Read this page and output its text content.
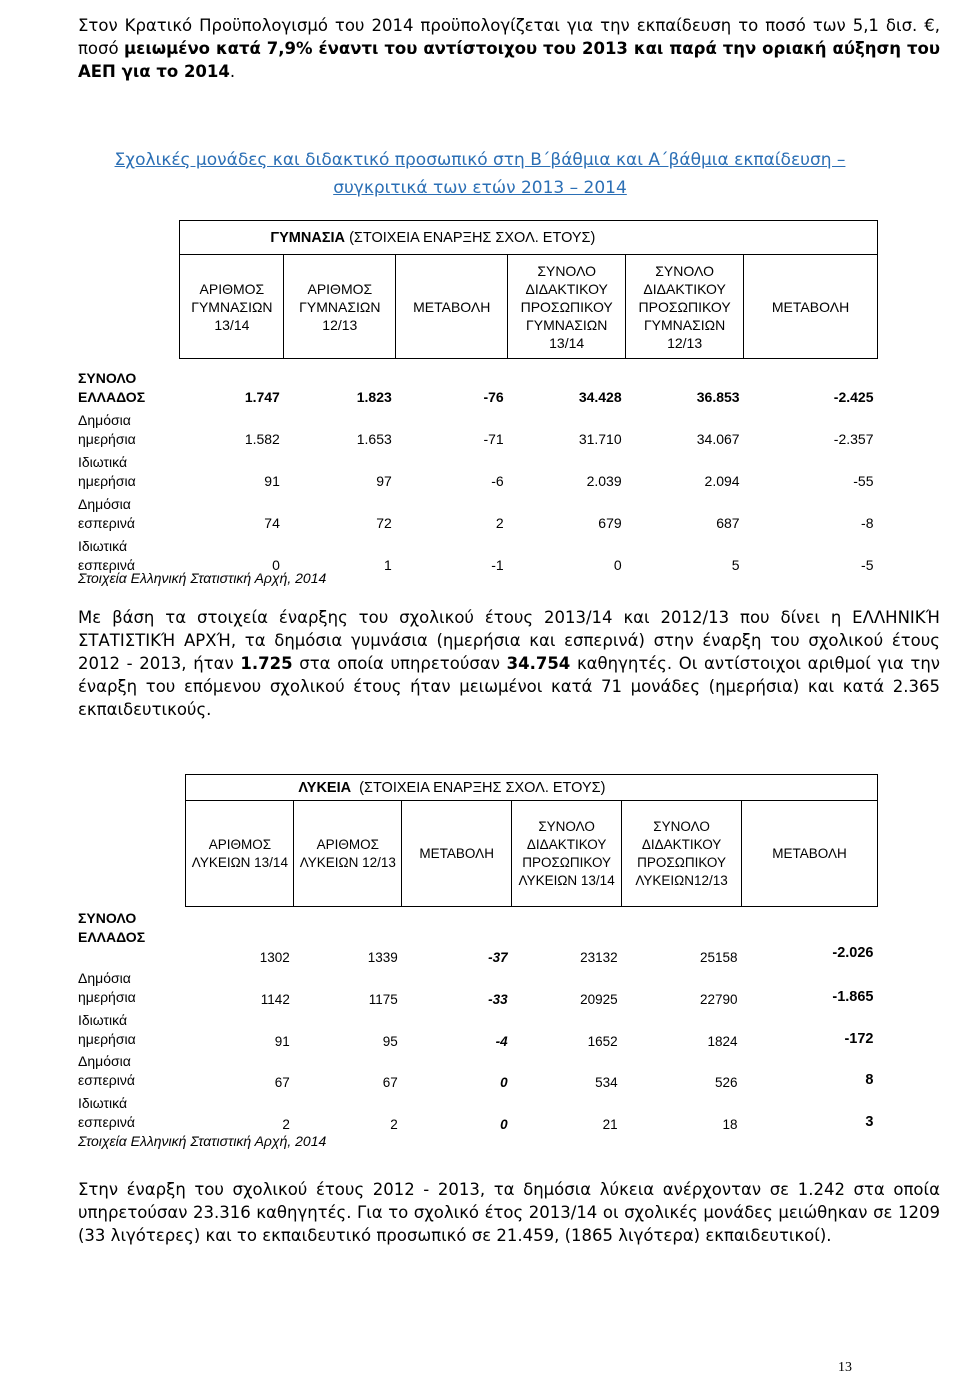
Στον Κρατικό Προϋπολογισμό του 2014 προϋπολογίζεται για την εκπαίδευση το ποσό των 5,1 δισ. €, ποσό μειωμένο κατά 7,9% έναντι του αντίστοιχου του 2013 και παρά την οριακή αύξηση του ΑΕΠ για το 2014.

Σχολικές μονάδες και διδακτικό προσωπικό στη Β΄βάθμια και Α΄βάθμια εκπαίδευση –
συγκριτικά των ετών 2013 – 2014
	ΓΥΜΝΑΣΙΑ (ΣΤΟΙΧΕΙΑ ΕΝΑΡΞΗΣ ΣΧΟΛ. ΕΤΟΥΣ)					
	ΑΡΙΘΜΟΣ ΓΥΜΝΑΣΙΩΝ 13/14	ΑΡΙΘΜΟΣ ΓΥΜΝΑΣΙΩΝ 12/13	ΜΕΤΑΒΟΛΗ	ΣΥΝΟΛΟ ΔΙΔΑΚΤΙΚΟΥ ΠΡΟΣΩΠΙΚΟΥ ΓΥΜΝΑΣΙΩΝ 13/14	ΣΥΝΟΛΟ ΔΙΔΑΚΤΙΚΟΥ ΠΡΟΣΩΠΙΚΟΥ ΓΥΜΝΑΣΙΩΝ 12/13	ΜΕΤΑΒΟΛΗ

ΣΥΝΟΛΟ
ΕΛΛΑΔΟΣ	1.747	1.823	-76	34.428	36.853	-2.425

Δημόσια
ημερήσια	1.582	1.653	-71	31.710	34.067	-2.357

Ιδιωτικά
ημερήσια	91	97	-6	2.039	2.094	-55

Δημόσια
εσπερινά	74	72	2	679	687	-8

Ιδιωτικά
εσπερινά	0	1	-1	0	5	-5
Στοιχεία Ελληνική Στατιστική Αρχή, 2014

Με βάση τα στοιχεία έναρξης του σχολικού έτους 2013/14 και 2012/13 που δίνει η ΕΛΛΗΝΙΚΉ ΣΤΑΤΙΣΤΙΚΉ ΑΡΧΉ, τα δημόσια γυμνάσια (ημερήσια και εσπερινά) στην έναρξη του σχολικού έτους 2012 - 2013, ήταν 1.725 στα οποία υπηρετούσαν 34.754 καθηγητές. Οι αντίστοιχοι αριθμοί για την έναρξη του επόμενου σχολικού έτους ήταν μειωμένοι κατά 71 μονάδες (ημερήσια) και κατά 2.365 εκπαιδευτικούς.

	ΛΥΚΕΙΑ  (ΣΤΟΙΧΕΙΑ ΕΝΑΡΞΗΣ ΣΧΟΛ. ΕΤΟΥΣ)					
	ΑΡΙΘΜΟΣ ΛΥΚΕΙΩΝ 13/14	ΑΡΙΘΜΟΣ ΛΥΚΕΙΩΝ 12/13	ΜΕΤΑΒΟΛΗ	ΣΥΝΟΛΟ ΔΙΔΑΚΤΙΚΟΥ ΠΡΟΣΩΠΙΚΟΥ ΛΥΚΕΙΩΝ 13/14	ΣΥΝΟΛΟ ΔΙΔΑΚΤΙΚΟΥ ΠΡΟΣΩΠΙΚΟΥ ΛΥΚΕΙΩΝ12/13	ΜΕΤΑΒΟΛΗ

ΣΥΝΟΛΟ
ΕΛΛΑΔΟΣ	1302	1339	-37	23132	25158	-2.026

Δημόσια
ημερήσια	1142	1175	-33	20925	22790	-1.865

Ιδιωτικά
ημερήσια	91	95	-4	1652	1824	-172

Δημόσια
εσπερινά	67	67	0	534	526	8

Ιδιωτικά
εσπερινά	2	2	0	21	18	3
Στοιχεία Ελληνική Στατιστική Αρχή, 2014

Στην έναρξη του σχολικού έτους 2012 - 2013, τα δημόσια λύκεια ανέρχονταν σε 1.242 στα οποία υπηρετούσαν 23.316 καθηγητές. Για το σχολικό έτος 2013/14 οι σχολικές μονάδες μειώθηκαν σε 1209 (33 λιγότερες) και το εκπαιδευτικό προσωπικό σε 21.459, (1865 λιγότερα) εκπαιδευτικοί).

13
